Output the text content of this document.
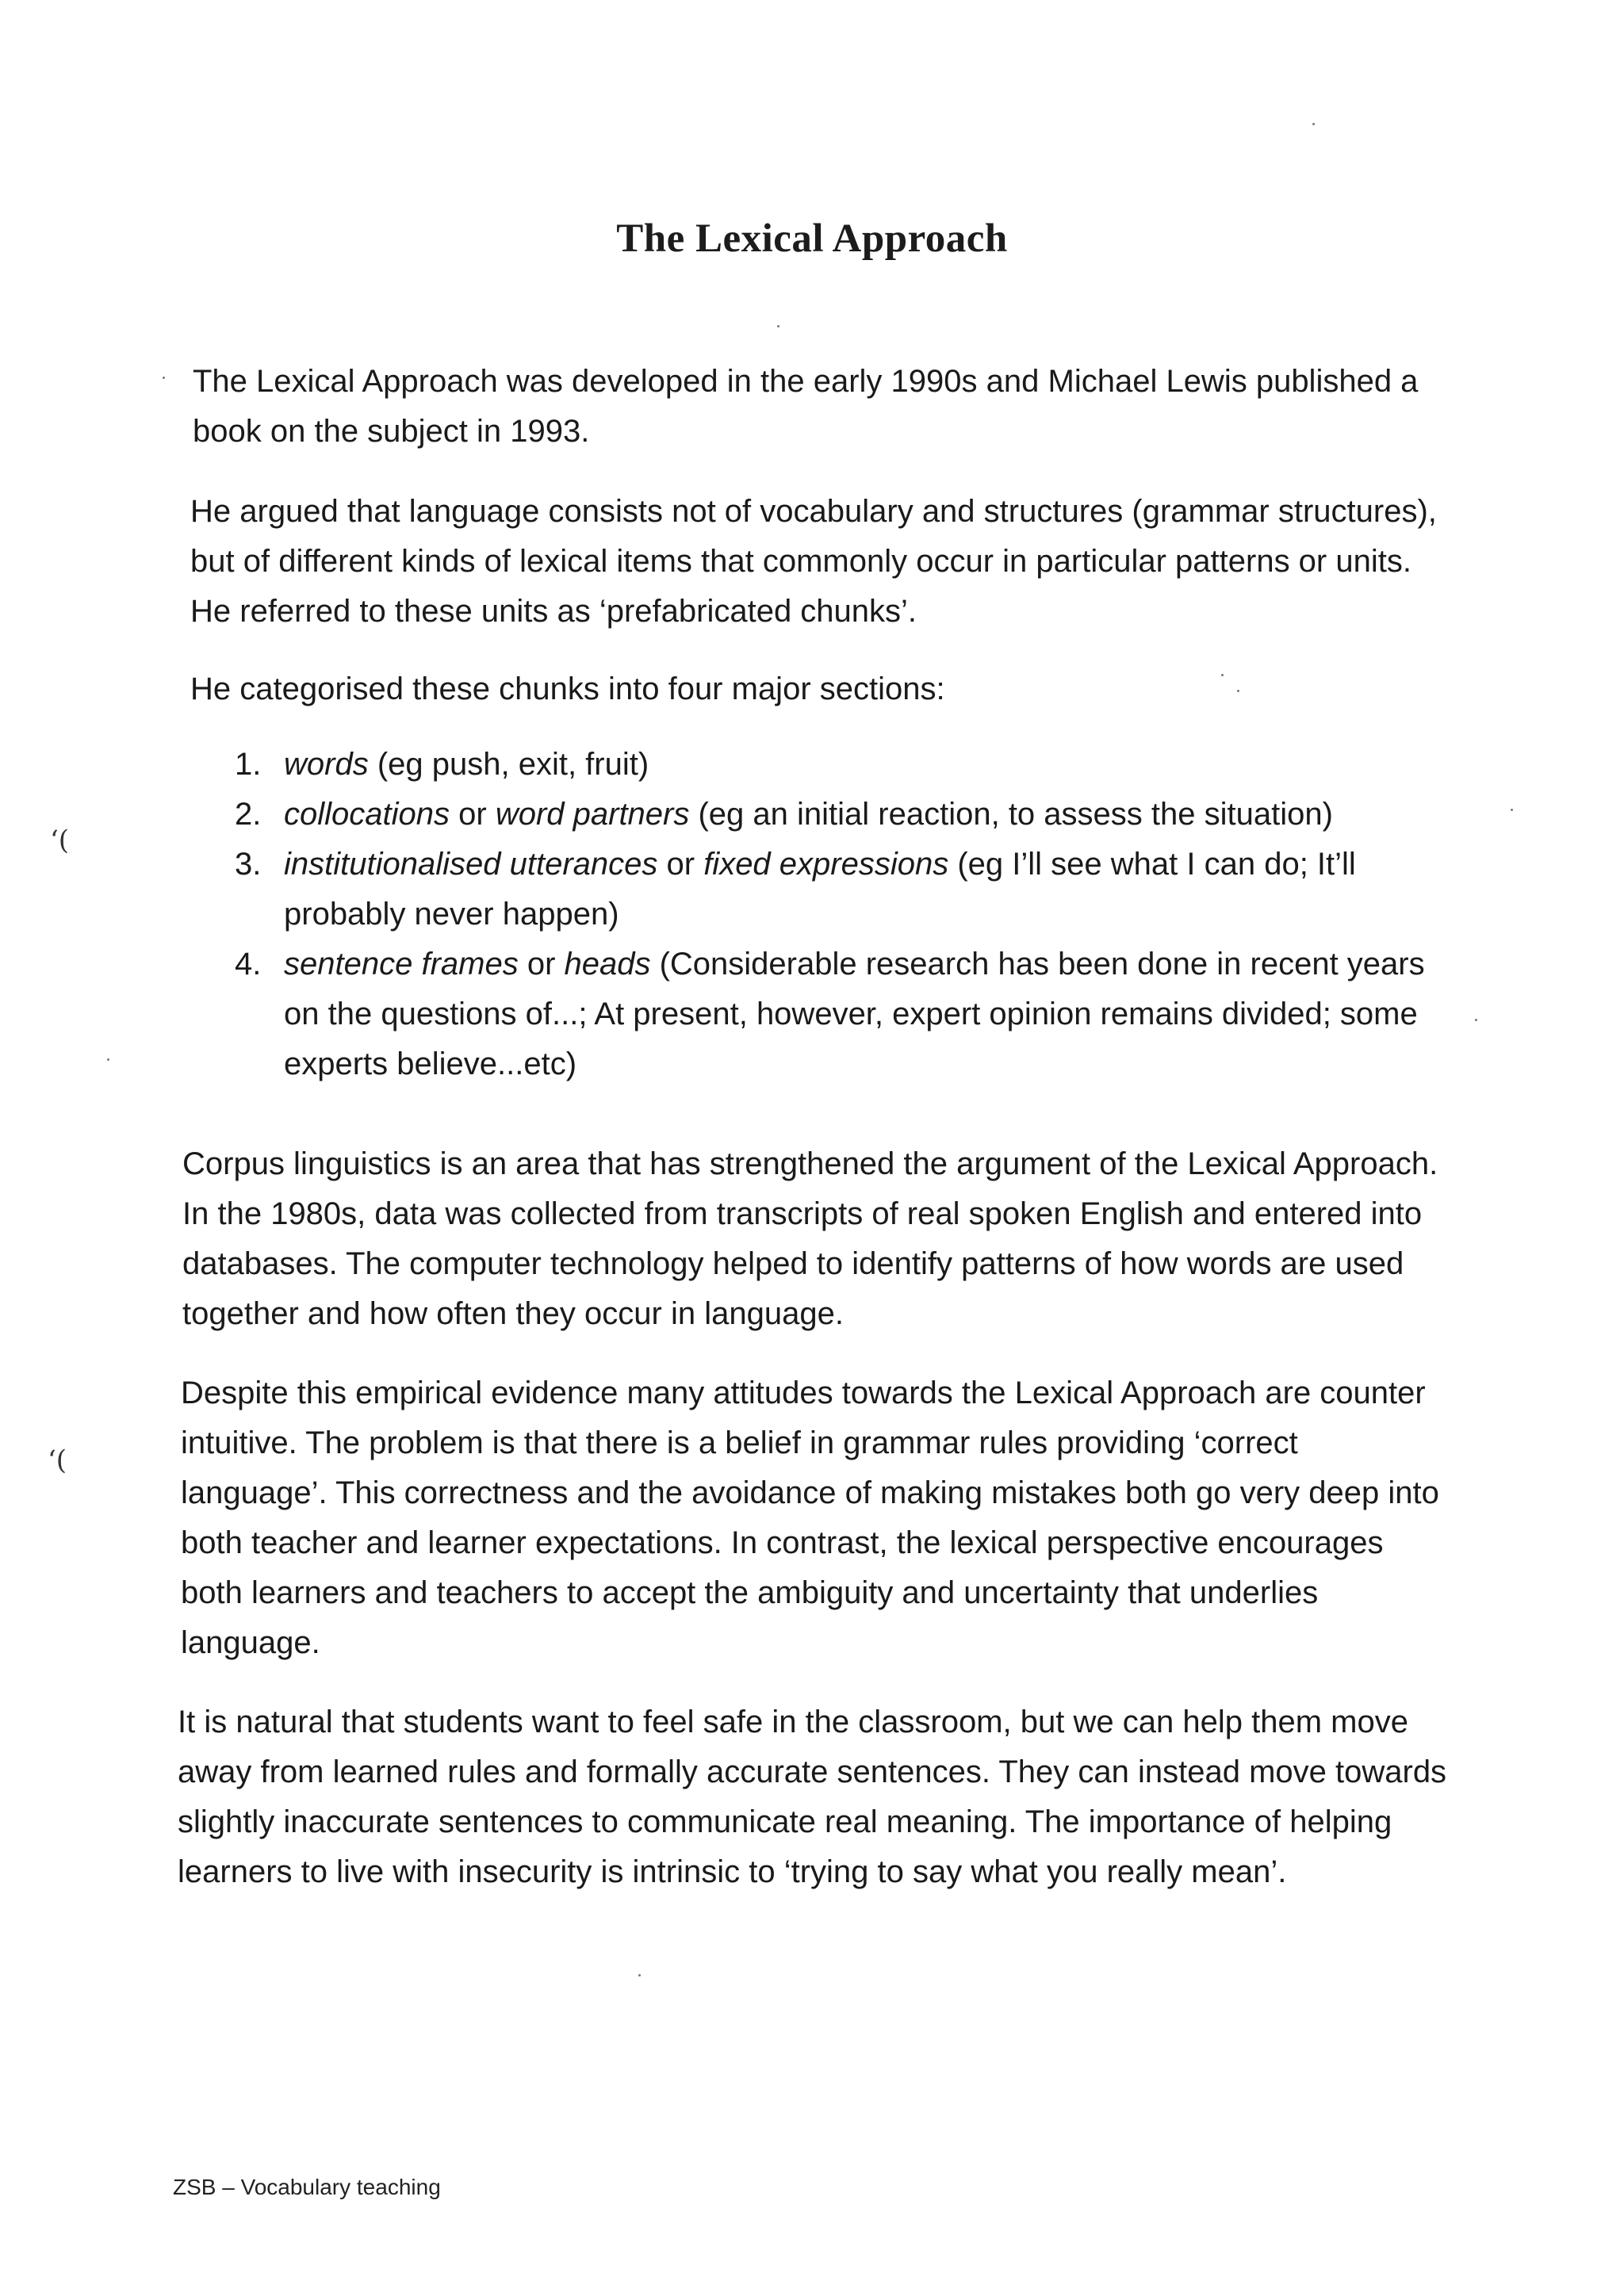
The Lexical Approach

The Lexical Approach was developed in the early 1990s and Michael Lewis published a book on the subject in 1993.

He argued that language consists not of vocabulary and structures (grammar structures), but of different kinds of lexical items that commonly occur in particular patterns or units. He referred to these units as ‘prefabricated chunks’.

He categorised these chunks into four major sections:

1. words (eg push, exit, fruit)
2. collocations or word partners (eg an initial reaction, to assess the situation)
3. institutionalised utterances or fixed expressions (eg I’ll see what I can do; It’ll probably never happen)
4. sentence frames or heads (Considerable research has been done in recent years on the questions of...; At present, however, expert opinion remains divided; some experts believe...etc)

Corpus linguistics is an area that has strengthened the argument of the Lexical Approach. In the 1980s, data was collected from transcripts of real spoken English and entered into databases. The computer technology helped to identify patterns of how words are used together and how often they occur in language.

Despite this empirical evidence many attitudes towards the Lexical Approach are counter intuitive. The problem is that there is a belief in grammar rules providing ‘correct language’. This correctness and the avoidance of making mistakes both go very deep into both teacher and learner expectations. In contrast, the lexical perspective encourages both learners and teachers to accept the ambiguity and uncertainty that underlies language.

It is natural that students want to feel safe in the classroom, but we can help them move away from learned rules and formally accurate sentences. They can instead move towards slightly inaccurate sentences to communicate real meaning. The importance of helping learners to live with insecurity is intrinsic to ‘trying to say what you really mean’.

‘(
‘(
ZSB – Vocabulary teaching
